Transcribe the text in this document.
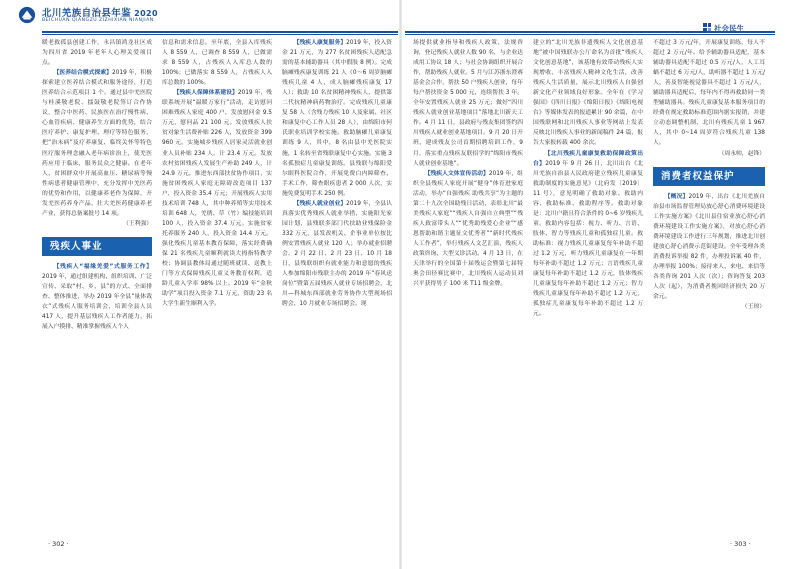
北川羌族自治县年鉴 2020
BEICHUAN QIANGZU ZIZHIXIAN NIANJIAN
社会民生

暖老救孤县创建工作，永昌镇鸿龙社区成为四川省 2019 年老年人心理关爱项目点。

【医养结合模式探索】2019 年，积极探索建立医养结合模式和服务途径，打造医养结合示范项目 1 个。通过县中羌医院与桂溪敬老院、擂鼓敬老院签订合作协议，整合中医药、民族医在治疗慢性病、心血管疾病、健康养生方面的优势，结合医疗养护、康复护理、理疗等特色服务，把“治未病”及疗养康复、临终关怀等特色医疗服务理念融入老年病诊治上，使羌医药应用于临床，服务民众之健康。在老年人、贫困群众中开展高血压、糖尿病等慢性病患者健康管理中，充分发挥中羌医药的优势和作用，以健康养老作为保障，开发羌医药养身产品、壮大羌医药健康养老产业，获得总备案批号 14 项。

（王利强）

残疾人事业

【残疾人“福缘羌爱”式服务工作】2019 年，通过组建机构、组织培训、广泛宣传、采取“村、乡、县”的方式、全面排查、整体推进，举办 2019 年全县“量体裁衣”式残疾人服务培训会，培训全县人员 417 人，提升基层残疾人工作者能力，拓展入户摸排、精准掌握残疾人个人

信息和需求信息。至年底，全县入库残疾人 8 559 人，已调查 8 559 人，已做需求 8 559 人，占残疾人入库总人数的 100%；已做落实 8 559 人，占残疾人入库总数的 100%。

【残疾人保障体系建设】2019 年，残联系统开展“温暖万家行”活动，走访慰问困难残疾人家庭 400 户，发放慰问金 9.5 万元，慰问品 21 100 元。发放残疾人扶贫对象生活费补贴 226 人，发放资金 399 960 元。实施城乡残疾人居家灵活就业创业人员补贴 234 人，计 23.4 万元。发放农村贫困残疾人发展生产补助 249 人，计 24.9 万元。推进东西部扶贫协作项目，实施贫困残疾人家庭无障碍改造项目 137 户，投入资金 35.4 万元；开展残疾人实用技术培训 748 人，其中种养殖等实用技术培训 648 人，羌绣、草（竹）编技能培训 100 人，投入资金 37.4 万元。实施贫家托养服务 240 人，投入资金 14.4 万元。强化残疾儿童基本教育保障，落实经费确保 21 名残疾儿童顺利就读大拇指特教学校；协调县教体局通过随班就读、送教上门等方式保障残疾儿童义务教育权利，适龄儿童入学率 98% 以上。2019 年“金秋助学”项目投入资金 7.1 万元，资助 23 名大学生新生顺利入学。

【残疾人康复服务】2019 年，投入资金 21 万元，为 277 名贫困残疾人适配急需的基本辅助器具（其中假肢 8 例）。完成脑瘫残疾康复训练 21 人（0～6 周岁脑瘫残疾儿童 4 人，成人脑瘫残疾康复 17 人）；救助 10 名贫困精神残疾人，提供第二代抗精神病药物治疗。完成残疾儿童康复 58 人（含残力残疾 10 人及家属、社区和康复中心工作人员 28 人），由绵阳市何氏职业培训学校实施。救助脑瘫儿童康复训练 9 人，其中，8 名由县中羌医院实施，1 名转至省残联康复中心实施。实施 3 名孤独症儿童康复训练。县残联与绵阳爱尔眼科医院合作，开展免费白内障筛查、手术工作，筛查眼疾患者 2 000 人次，实施免费复明手术 250 例。

【残疾人就业创业】2019 年，全县认真落实优秀残疾人就业举措，实施阳光家园计划，县残联多部门代扶助业残保险金 332 万元，县发改机关、企事业单位按比例安置残疾人就业 120 人；举办就业招聘会，2 月 22 日、2 月 23 日、10 月 18 日，县残联组织有就业能力和意愿的残疾人参加绵阳市残联主办的 2019 年“春风送岗位”暨第五届残疾人就业专场招聘会，北川—科城东西部就业劳务协作大型现场招聘会、10 月就业专场招聘会。现

场提供就业指导和残疾人政策、法规咨询，登记残疾人就业人数 90 名，与企业达成用工协议 18 人；与社会协调组织开展合作，帮助残疾人就业。5 月与江苏浙东澄赛基金会合作，帮扶 50 户残疾人创业，每年每户帮扶资金 5 000 元，连续帮扶 3 年。全年安置残疾人就业 25 万元；做好“四川残疾人就业创业基地项目”落地北川新天工作。4 月 11 日，县政府与残友集团签约四川残疾人就业创业基地项目。9 月 20 日开班，建成残友公司首期招聘培训工作，9 月，落实重点残疾友联招学的“绵阳市残疾人就业创业基地”。

【残疾人文体宣传活动】2019 年，组织全县残疾人家庭开展“健身”体育进家庭活动，举办“自强残疾 助残共享”为主题的第二十九次全国助残日活动，表彰北川“最美残疾人家庭”“残疾人自强自立典型”“残疾人致富带头人”“优秀助残爱心企业”“感恩帮助和谐主题征文优秀者”“新时代残疾人工作者”，举行残疾人文艺汇演，残疾人政策咨询、大型义诊活动。4 月 13 日，在天津举行的全国第十届残运会暨第七届特奥会田径赛比赛中，北川残疾人运动员刘兴平获得男子 100 米 T11 级金牌。

建立的“北川羌族非遗残疾人文化创意基地”被中国残联办公厅命名为首批“残疾人文化创意基地”，该基地有效带动残疾人实现增收、丰富残疾人精神文化生活，改善残疾人生活质量，展示北川残疾人自强创新文化产业领域良好形象。全年在《学习强国》《四川日报》《绵阳日报》《绵阳电视台》等媒体发表的报道累计 90 余篇，在中国残联网和北川残疾人事业等网站上发表反映北川残疾人事业的新闻稿件 24 篇，报告大家报转载 400 余次。

【北川残疾儿童康复救助保障政策出台】2019 年 9 月 26 日，北川出台《北川羌族自治县人民政府建立残疾儿童康复救助制度的实施意见》（北府发〔2019〕11 号），意见明确了救助对象、救助内容、救助标准、救助程序等。救助对象是：北川户籍且符合条件的 0~6 岁残疾儿童。救助内容包括：视力、听力、言语、肢体、智力等残疾儿童和孤独症儿童。救助标准：视力残疾儿童康复每年补助不超过 1.2 万元，听力残疾儿童康复在一年期每年补助不超过 1.2 万元；言语残疾儿童康复每年补助不超过 1.2 万元，肢体残疾儿童康复每年补助不超过 1.2 万元；智力残疾儿童康复每年补助不超过 1.2 万元，孤独症儿童康复每年补助不超过 1.2 万元。

不超过 3 万元/年，开展康复训练，每人不超过 2 万元/年。给予辅助器具适配，基本辅助器具适配不超过 0.5 万元/人，人工耳蜗不超过 6 万元/人，助听器不超过 1 万元/人，善及智能视觉器具不超过 1 万元/人，辅助器具适配后，每年内不得再救助同一类型辅助器具。残疾儿童康复基本服务项目的经费在规定救助标准范围内据实报销，并建立动态调整机制，北川有残疾儿童 1 967 人，其中 0~14 周岁符合残疾儿童 138 人。

（周永帅，赵锋）

消费者权益保护

【概况】2019 年，出台《北川羌族自治县市场监督管理局放心舒心消费环境建设工作实施方案》《北川县住宿业放心舒心消费环境建设工作实施方案》，对放心舒心消费环境建设工作进行三年规划，推进北川创建放心舒心消费示范街建设。全年受理各类消费投诉举报 82 件，办理投诉案 40 件，办理举报 100%；接待来人、来电、来信等各类咨询 201 人次（次）；咨询答复 203 人次（起），为消费者挽回经济损失 20 万余元。

（王琼）

· 302 ·	· 303 ·
